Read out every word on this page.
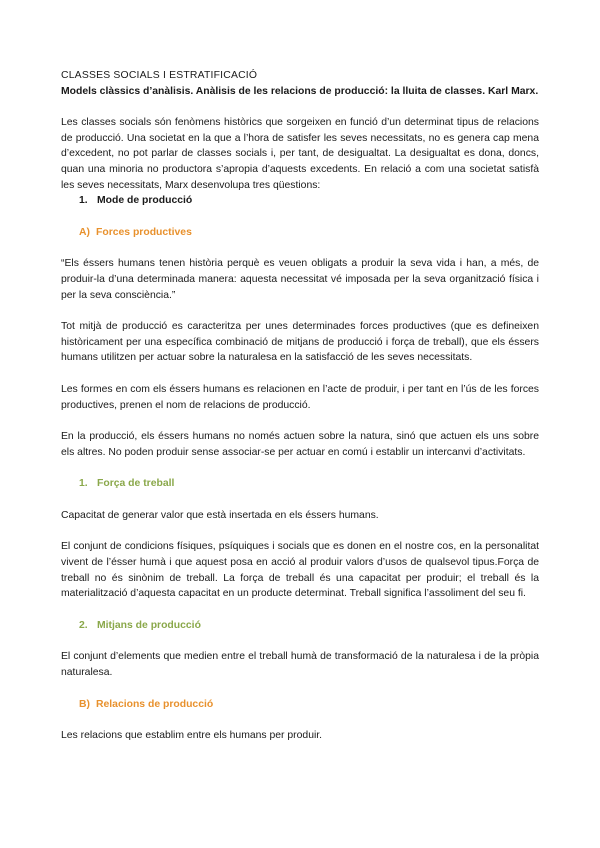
CLASSES SOCIALS I ESTRATIFICACIÓ
Models clàssics d’anàlisis. Anàlisis de les relacions de producció: la lluita de classes. Karl Marx.

Les classes socials són fenòmens històrics que sorgeixen en funció d’un determinat tipus de relacions de producció. Una societat en la que a l’hora de satisfer les seves necessitats, no es genera cap mena d’excedent, no pot parlar de classes socials i, per tant, de desigualtat. La desigualtat es dona, doncs, quan una minoria no productora s’apropia d’aquests excedents. En relació a com una societat satisfà les seves necessitats, Marx desenvolupa tres qüestions:

1. Mode de producció
A) Forces productives

“Els éssers humans tenen història perquè es veuen obligats a produir la seva vida i han, a més, de produir-la d’una determinada manera: aquesta necessitat vé imposada per la seva organització física i per la seva consciència.”

Tot mitjà de producció es caracteritza per unes determinades forces productives (que es defineixen històricament per una específica combinació de mitjans de producció i força de treball), que els éssers humans utilitzen per actuar sobre la naturalesa en la satisfacció de les seves necessitats.

Les formes en com els éssers humans es relacionen en l’acte de produir, i per tant en l’ús de les forces productives, prenen el nom de relacions de producció.

En la producció, els éssers humans no només actuen sobre la natura, sinó que actuen els uns sobre els altres. No poden produir sense associar-se per actuar en comú i establir un intercanvi d’activitats.

1. Força de treball

Capacitat de generar valor que està insertada en els éssers humans.

El conjunt de condicions físiques, psíquiques i socials que es donen en el nostre cos, en la personalitat vivent de l’ésser humà i que aquest posa en acció al produir valors d’usos de qualsevol tipus.Força de treball no és sinònim de treball. La força de treball és una capacitat per produir; el treball és la materialització d’aquesta capacitat en un producte determinat. Treball significa l’assoliment del seu fi.

2. Mitjans de producció

El conjunt d’elements que medien entre el treball humà de transformació de la naturalesa i de la pròpia naturalesa.

B) Relacions de producció

Les relacions que establim entre els humans per produir.
